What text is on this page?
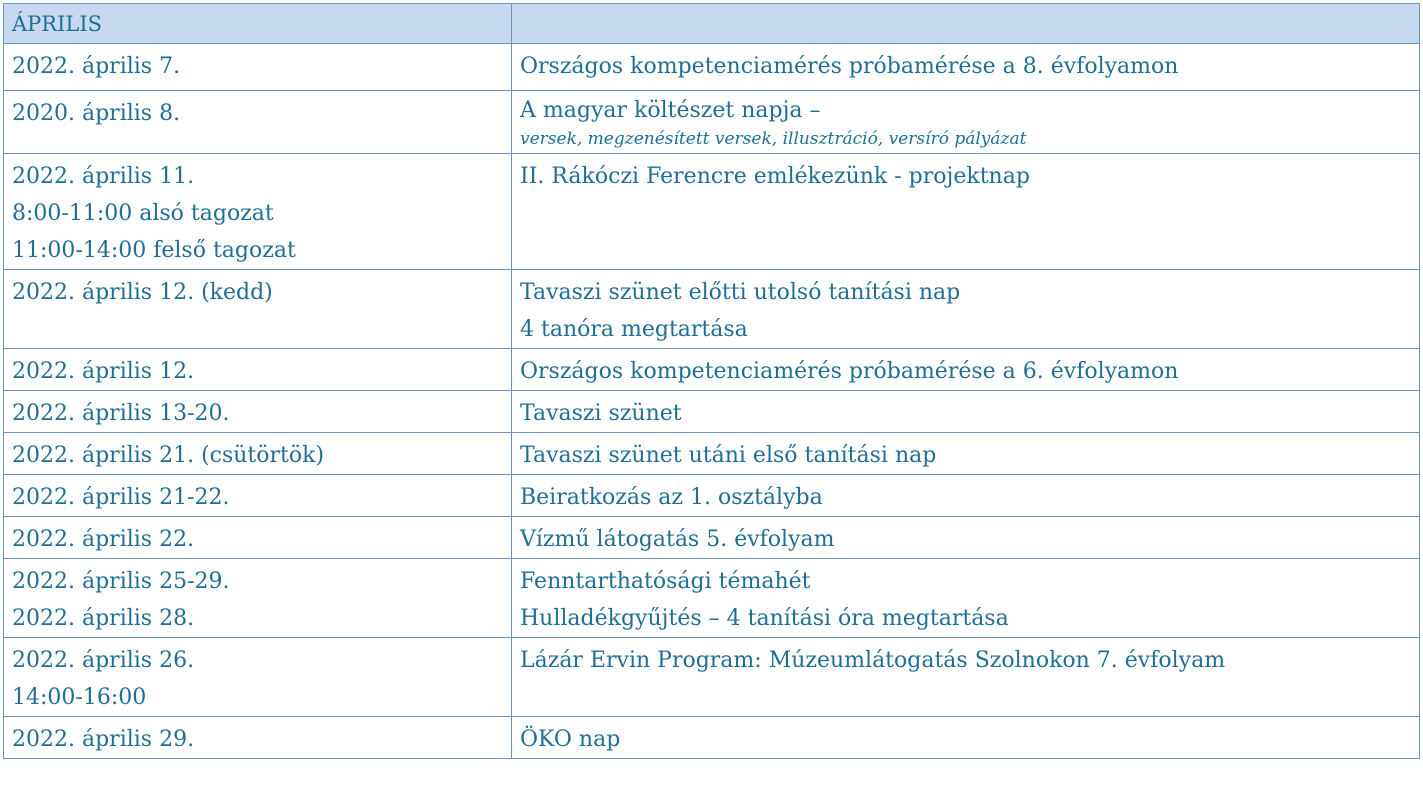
ÁPRILIS	

2022. április 7.	Országos kompetenciamérés próbamérése a 8. évfolyamon

2020. április 8.	A magyar költészet napja –
versek, megzenésített versek, illusztráció, versíró pályázat

2022. április 11.
8:00-11:00 alsó tagozat
11:00-14:00 felső tagozat	II. Rákóczi Ferencre emlékezünk - projektnap

2022. április 12. (kedd)	Tavaszi szünet előtti utolsó tanítási nap
4 tanóra megtartása

2022. április 12.	Országos kompetenciamérés próbamérése a 6. évfolyamon

2022. április 13-20.	Tavaszi szünet

2022. április 21. (csütörtök)	Tavaszi szünet utáni első tanítási nap

2022. április 21-22.	Beiratkozás az 1. osztályba

2022. április 22.	Vízmű látogatás 5. évfolyam

2022. április 25-29.
2022. április 28.	Fenntarthatósági témahét
Hulladékgyűjtés – 4 tanítási óra megtartása

2022. április 26.
14:00-16:00	Lázár Ervin Program: Múzeumlátogatás Szolnokon 7. évfolyam

2022. április 29.	ÖKO nap
